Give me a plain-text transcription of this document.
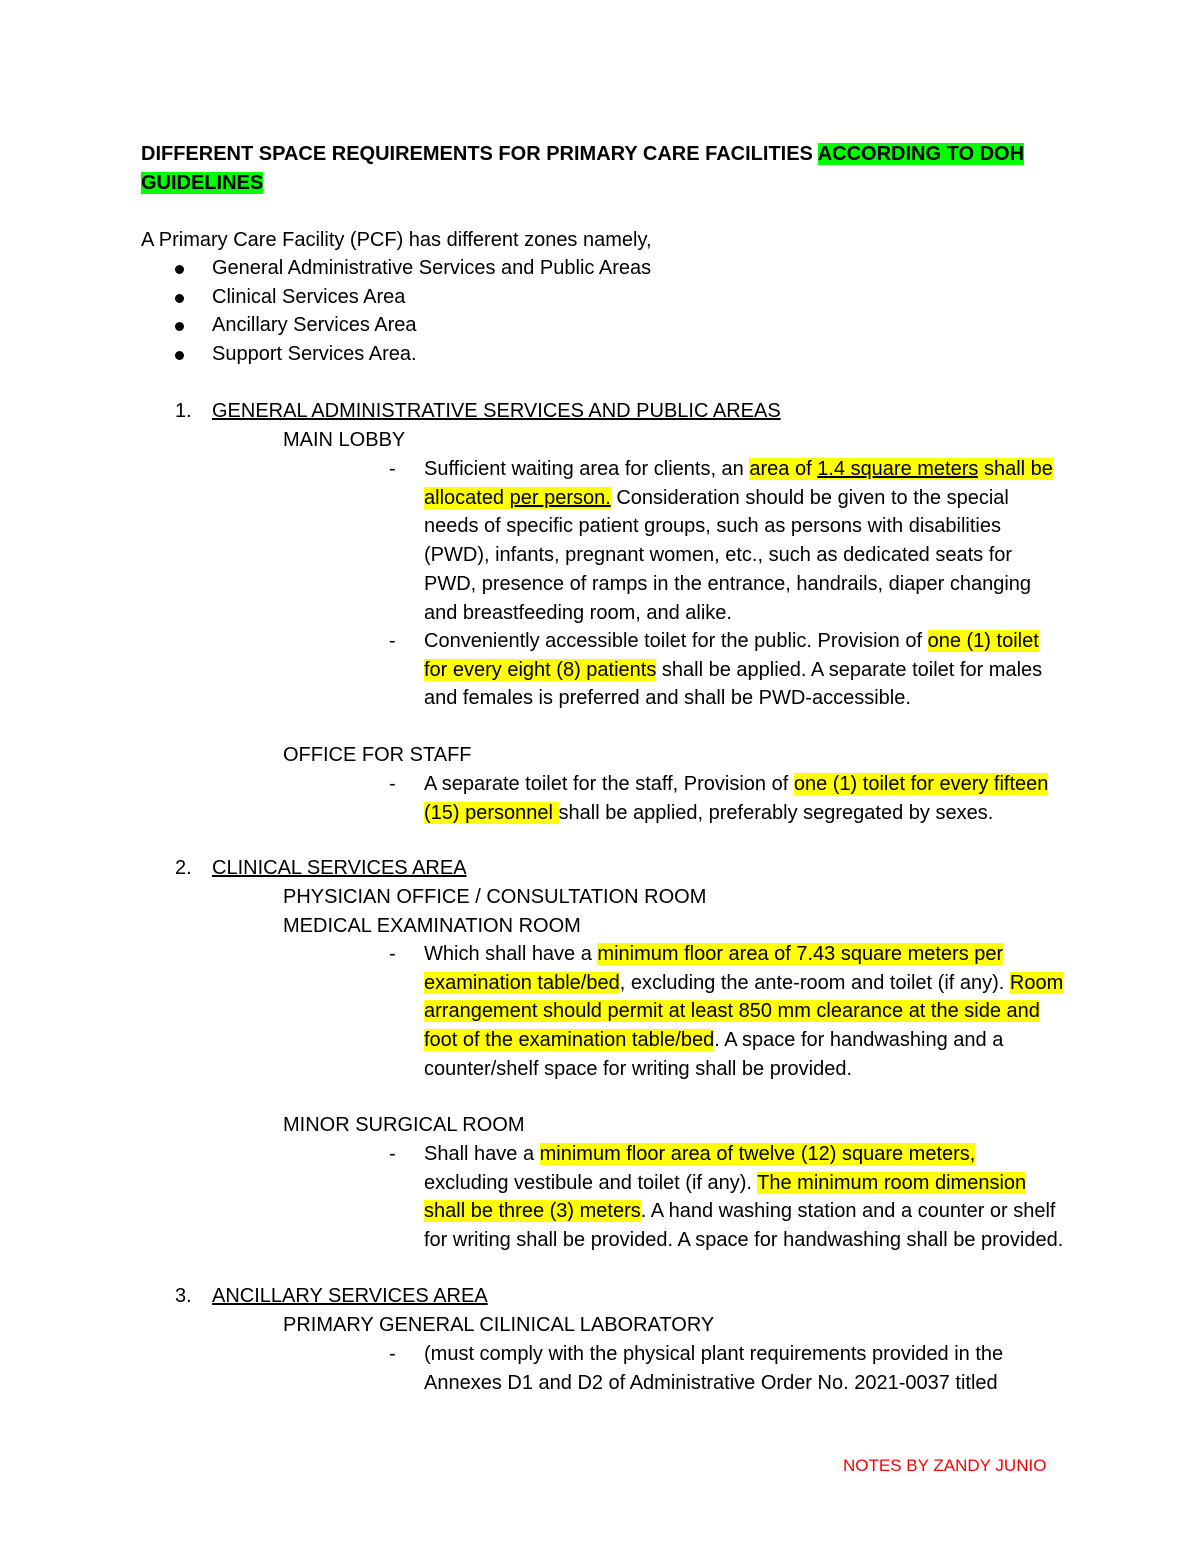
DIFFERENT SPACE REQUIREMENTS FOR PRIMARY CARE FACILITIES ACCORDING TO DOH GUIDELINES

A Primary Care Facility (PCF) has different zones namely,

General Administrative Services and Public Areas
Clinical Services Area
Ancillary Services Area
Support Services Area.
1.	GENERAL ADMINISTRATIVE SERVICES AND PUBLIC AREAS

MAIN LOBBY

- Sufficient waiting area for clients, an area of 1.4 square meters shall be allocated per person. Consideration should be given to the special needs of specific patient groups, such as persons with disabilities (PWD), infants, pregnant women, etc., such as dedicated seats for PWD, presence of ramps in the entrance, handrails, diaper changing and breastfeeding room, and alike.

- Conveniently accessible toilet for the public. Provision of one (1) toilet for every eight (8) patients shall be applied. A separate toilet for males and females is preferred and shall be PWD-accessible.

OFFICE FOR STAFF

- A separate toilet for the staff, Provision of one (1) toilet for every fifteen (15) personnel shall be applied, preferably segregated by sexes.

2.	CLINICAL SERVICES AREA

PHYSICIAN OFFICE / CONSULTATION ROOM

MEDICAL EXAMINATION ROOM

- Which shall have a minimum floor area of 7.43 square meters per examination table/bed, excluding the ante-room and toilet (if any). Room arrangement should permit at least 850 mm clearance at the side and foot of the examination table/bed. A space for handwashing and a counter/shelf space for writing shall be provided.

MINOR SURGICAL ROOM

- Shall have a minimum floor area of twelve (12) square meters, excluding vestibule and toilet (if any). The minimum room dimension shall be three (3) meters. A hand washing station and a counter or shelf for writing shall be provided. A space for handwashing shall be provided.

3.	ANCILLARY SERVICES AREA

PRIMARY GENERAL CILINICAL LABORATORY

- (must comply with the physical plant requirements provided in the Annexes D1 and D2 of Administrative Order No. 2021-0037 titled

NOTES BY ZANDY JUNIO
